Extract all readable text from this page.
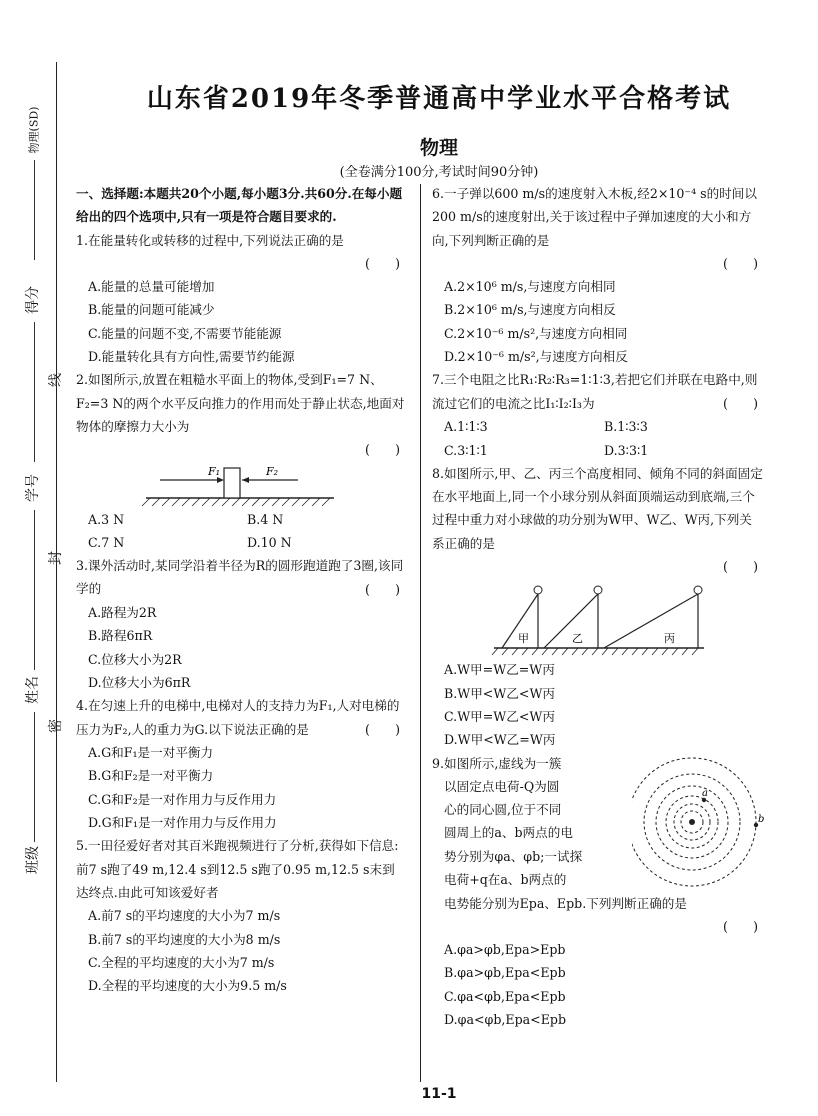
物理(SD)
得分
学号
姓名
班级
线
封
密
山东省2019年冬季普通高中学业水平合格考试
物理
(全卷满分100分,考试时间90分钟)

一、选择题:本题共20个小题,每小题3分.共60分.在每小题给出的四个选项中,只有一项是符合题目要求的.

1.在能量转化或转移的过程中,下列说法正确的是

(　　)
A.能量的总量可能增加
B.能量的问题可能减少
C.能量的问题不变,不需要节能能源
D.能量转化具有方向性,需要节约能源

2.如图所示,放置在粗糙水平面上的物体,受到F₁=7 N、F₂=3 N的两个水平反向推力的作用而处于静止状态,地面对物体的摩擦力大小为

(　　)
F₁	F₂
A.3 N	B.4 N
C.7 N	D.10 N

3.课外活动时,某同学沿着半径为R的圆形跑道跑了3圈,该同学的	(　　)
A.路程为2R
B.路程6πR
C.位移大小为2R
D.位移大小为6πR

4.在匀速上升的电梯中,电梯对人的支持力为F₁,人对电梯的压力为F₂,人的重力为G.以下说法正确的是	(　　)
A.G和F₁是一对平衡力
B.G和F₂是一对平衡力
C.G和F₂是一对作用力与反作用力
D.G和F₁是一对作用力与反作用力

5.一田径爱好者对其百米跑视频进行了分析,获得如下信息:前7 s跑了49 m,12.4 s到12.5 s跑了0.95 m,12.5 s末到达终点.由此可知该爱好者

A.前7 s的平均速度的大小为7 m/s
B.前7 s的平均速度的大小为8 m/s
C.全程的平均速度的大小为7 m/s
D.全程的平均速度的大小为9.5 m/s

6.一子弹以600 m/s的速度射入木板,经2×10⁻⁴ s的时间以200 m/s的速度射出,关于该过程中子弹加速度的大小和方向,下列判断正确的是

(　　)
A.2×10⁶ m/s,与速度方向相同
B.2×10⁶ m/s,与速度方向相反
C.2×10⁻⁶ m/s²,与速度方向相同
D.2×10⁻⁶ m/s²,与速度方向相反

7.三个电阻之比R₁∶R₂∶R₃=1∶1∶3,若把它们并联在电路中,则流过它们的电流之比I₁∶I₂∶I₃为	(　　)
A.1∶1∶3	B.1∶3∶3
C.3∶1∶1	D.3∶3∶1

8.如图所示,甲、乙、丙三个高度相同、倾角不同的斜面固定在水平地面上,同一个小球分别从斜面顶端运动到底端,三个过程中重力对小球做的功分别为W甲、W乙、W丙,下列关系正确的是

(　　)
甲	乙	丙
A.W甲=W乙=W丙
B.W甲<W乙<W丙
C.W甲=W乙<W丙
D.W甲<W乙=W丙
9.如图所示,虚线为一簇
以固定点电荷-Q为圆
心的同心圆,位于不同
圆周上的a、b两点的电
势分别为φa、φb;一试探
电荷+q在a、b两点的
a
b
电势能分别为Epa、Epb.下列判断正确的是
(　　)
A.φa>φb,Epa>Epb
B.φa>φb,Epa<Epb
C.φa<φb,Epa<Epb
D.φa<φb,Epa<Epb
11-1
